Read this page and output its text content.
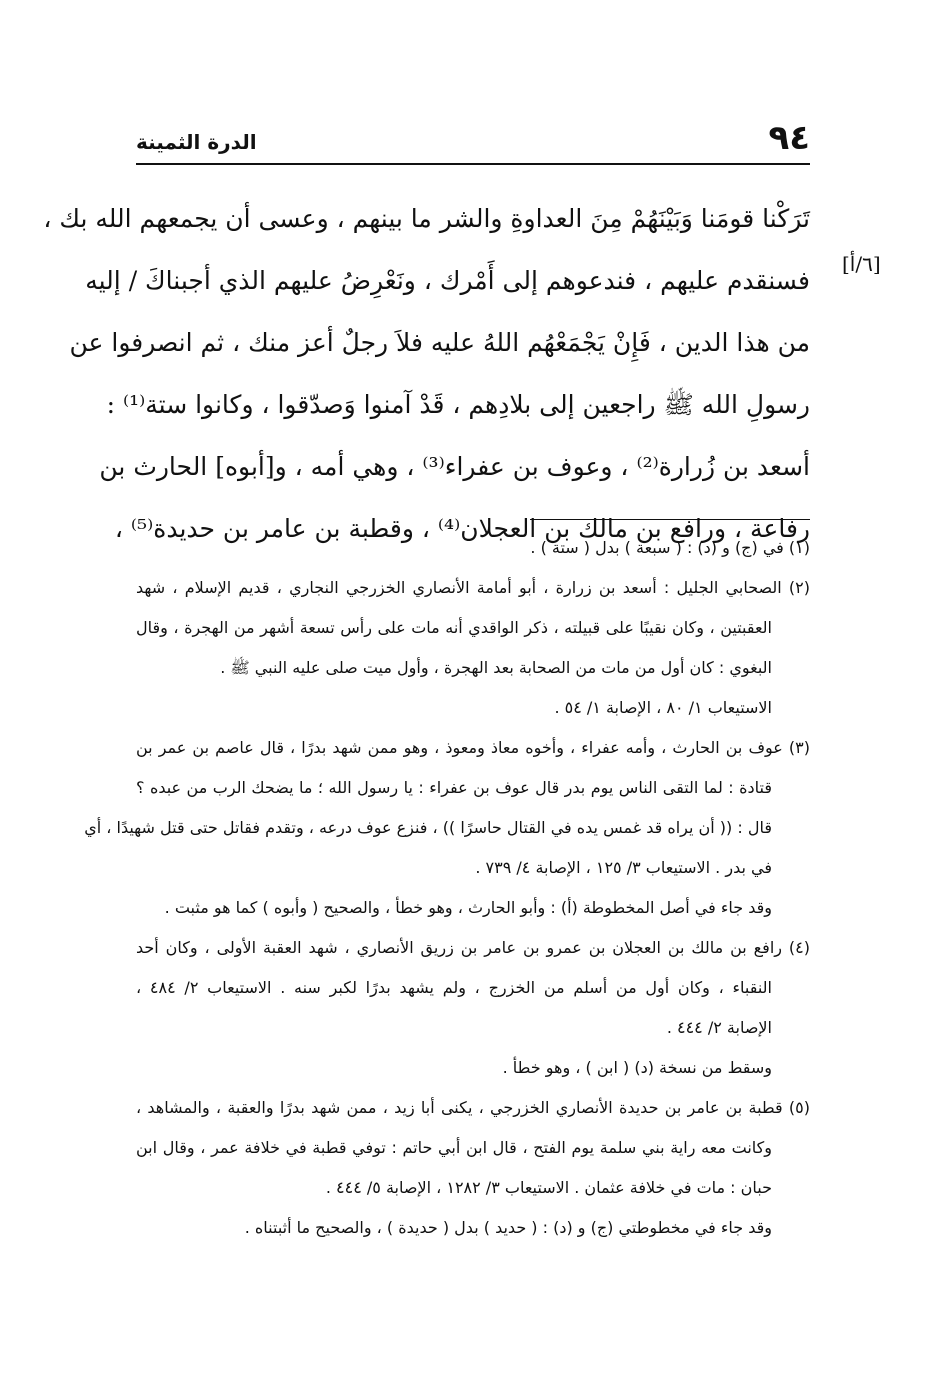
٩٤
الدرة الثمينة
[٦/أ]
تَرَكْنا قومَنا وَبَيْنَهُمْ مِنَ العداوةِ والشر ما بينهم ، وعسى أن يجمعهم الله بك ،
فسنقدم عليهم ، فندعوهم إلى أَمْرك ، ونَعْرِضُ عليهم الذي أجبناكَ / إليه
من هذا الدين ، فَإِنْ يَجْمَعْهُم اللهُ عليه فلاَ رجلٌ أعز منك ، ثم انصرفوا عن
رسولِ الله ﷺ راجعين إلى بلادِهم ، قَدْ آمنوا وَصدّقوا ، وكانوا ستة⁽¹⁾ :
أسعد بن زُرارة⁽²⁾ ، وعوف بن عفراء⁽³⁾ ، وهي أمه ، و[أبوه] الحارث بن
رفاعة ، ورافع بن مالك بن العجلان⁽⁴⁾ ، وقطبة بن عامر بن حديدة⁽⁵⁾ ،
(١) في (ج) و (د) : ( سبعة ) بدل ( ستة ) .
(٢) الصحابي الجليل : أسعد بن زرارة ، أبو أمامة الأنصاري الخزرجي النجاري ، قديم الإسلام ، شهد
العقبتين ، وكان نقيبًا على قبيلته ، ذكر الواقدي أنه مات على رأس تسعة أشهر من الهجرة ، وقال
البغوي : كان أول من مات من الصحابة بعد الهجرة ، وأول ميت صلى عليه النبي ﷺ .
الاستيعاب ١/ ٨٠ ، الإصابة ١/ ٥٤ .
(٣) عوف بن الحارث ، وأمه عفراء ، وأخوه معاذ ومعوذ ، وهو ممن شهد بدرًا ، قال عاصم بن عمر بن
قتادة : لما التقى الناس يوم بدر قال عوف بن عفراء : يا رسول الله ؛ ما يضحك الرب من عبده ؟
قال : (( أن يراه قد غمس يده في القتال حاسرًا )) ، فنزع عوف درعه ، وتقدم فقاتل حتى قتل شهيدًا ، أي
في بدر . الاستيعاب ٣/ ١٢٥ ، الإصابة ٤/ ٧٣٩ .
وقد جاء في أصل المخطوطة (أ) : وأبو الحارث ، وهو خطأ ، والصحيح ( وأبوه ) كما هو مثبت .
(٤) رافع بن مالك بن العجلان بن عمرو بن عامر بن زريق الأنصاري ، شهد العقبة الأولى ، وكان أحد
النقباء ، وكان أول من أسلم من الخزرج ، ولم يشهد بدرًا لكبر سنه . الاستيعاب ٢/ ٤٨٤ ،
الإصابة ٢/ ٤٤٤ .
وسقط من نسخة (د) ( ابن ) ، وهو خطأ .
(٥) قطبة بن عامر بن حديدة الأنصاري الخزرجي ، يكنى أبا زيد ، ممن شهد بدرًا والعقبة ، والمشاهد ،
وكانت معه راية بني سلمة يوم الفتح ، قال ابن أبي حاتم : توفي قطبة في خلافة عمر ، وقال ابن
حبان : مات في خلافة عثمان . الاستيعاب ٣/ ١٢٨٢ ، الإصابة ٥/ ٤٤٤ .
وقد جاء في مخطوطتي (ج) و (د) : ( حديد ) بدل ( حديدة ) ، والصحيح ما أثبتناه .
